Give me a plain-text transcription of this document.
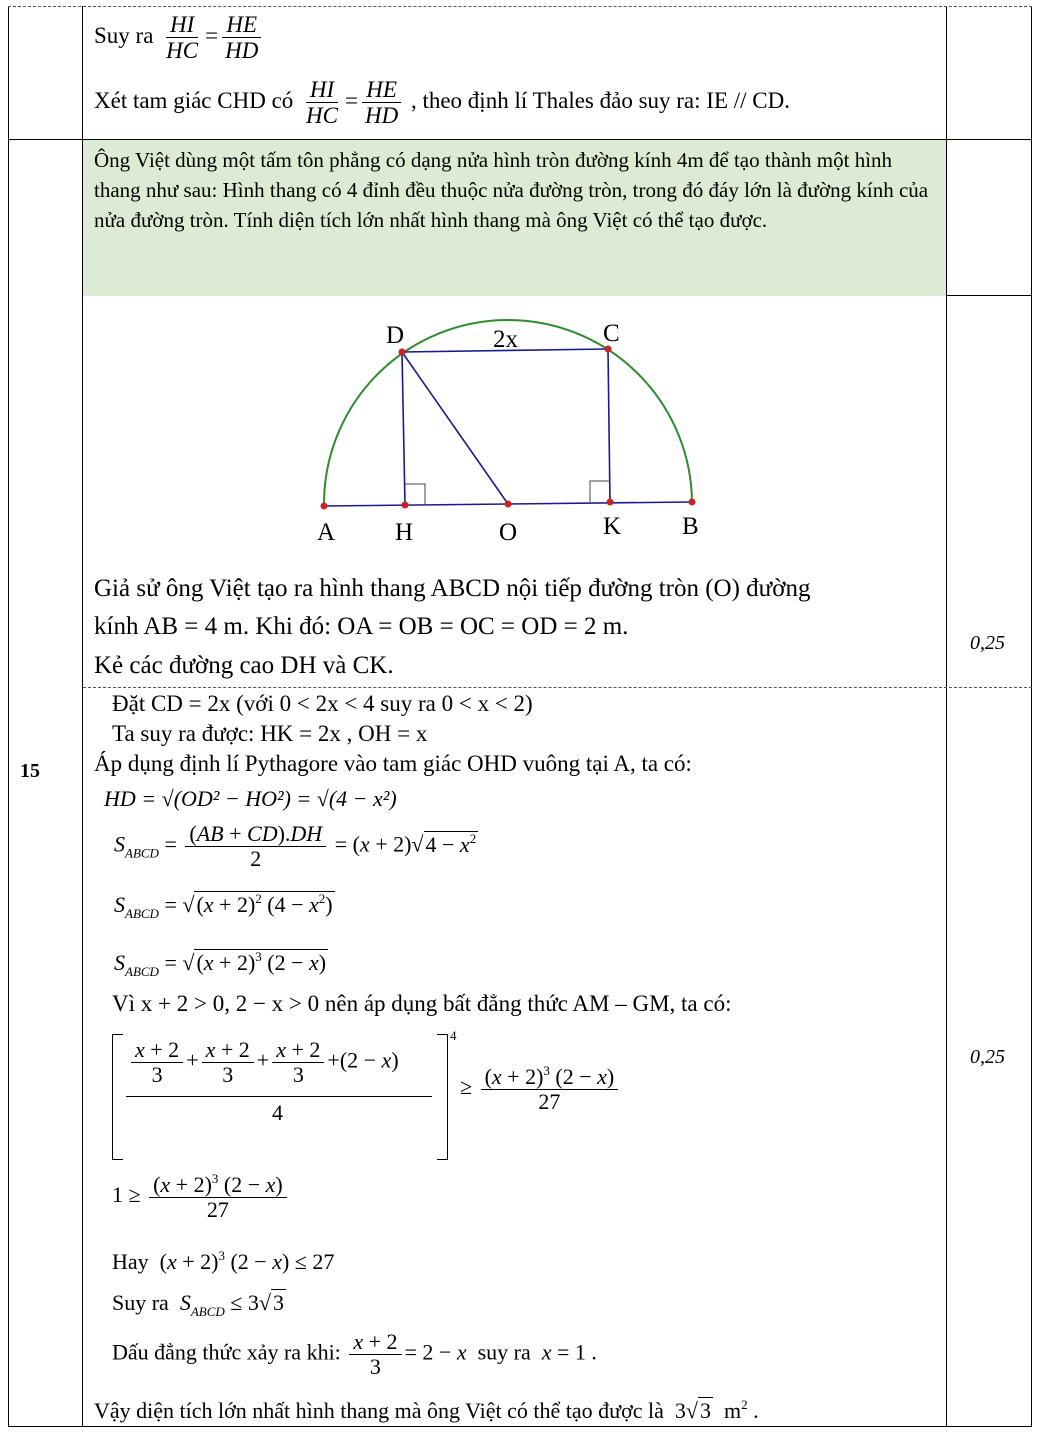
Suy ra $\frac{HI}{HC} = \frac{HE}{HD}$
Xét tam giác CHD có $\frac{HI}{HC} = \frac{HE}{HD}$ , theo định lí Thales đảo suy ra: IE // CD.
Ông Việt dùng một tấm tôn phẳng có dạng nửa hình tròn đường kính 4m để tạo thành một hình thang như sau: Hình thang có 4 đỉnh đều thuộc nửa đường tròn, trong đó đáy lớn là đường kính của nửa đường tròn. Tính diện tích lớn nhất hình thang mà ông Việt có thể tạo được.
15
D	2x	C
A H	O	K B
Giả sử ông Việt tạo ra hình thang ABCD nội tiếp đường tròn (O) đường
kính AB = 4 m. Khi đó: OA = OB = OC = OD = 2 m.
Kẻ các đường cao DH và CK.
0,25
Đặt CD = 2x (với 0 < 2x < 4 suy ra 0 < x < 2)
Ta suy ra được: HK = 2x , OH = x
Áp dụng định lí Pythagore vào tam giác OHD vuông tại A, ta có:
HD = √(OD² − HO²) = √(4 − x²)
$S_{ABCD} = \frac{(AB + CD).DH}{2} = (x + 2)√4 - x^2$
$S_{ABCD} = √(x + 2)^2$ $(4 - x^2)$
$S_{ABCD} = √(x + 2)^3$ (2 − x)
Vì x + 2 > 0, 2 − x > 0 nên áp dụng bất đẳng thức AM – GM, ta có:
4
$\frac{x + 2}{3} + \frac{x + 2}{3} + \frac{x + 2}{3} +(2 - x)$
4
≥ $\frac{(x + 2)^3 (2 - x)}{27}$
$1 \ge \frac{(x + 2)^3 (2 - x)}{27}$
Hay  $(x + 2)^3$ (2 − x) ≤ 27
Suy ra $S_{ABCD} \le 3√3$
Dấu đẳng thức xảy ra khi: $\frac{x + 2}{3} = 2 - x$ suy ra x = 1 .
Vậy diện tích lớn nhất hình thang mà ông Việt có thể tạo được là  3√3  $m^2$ .
0,25
